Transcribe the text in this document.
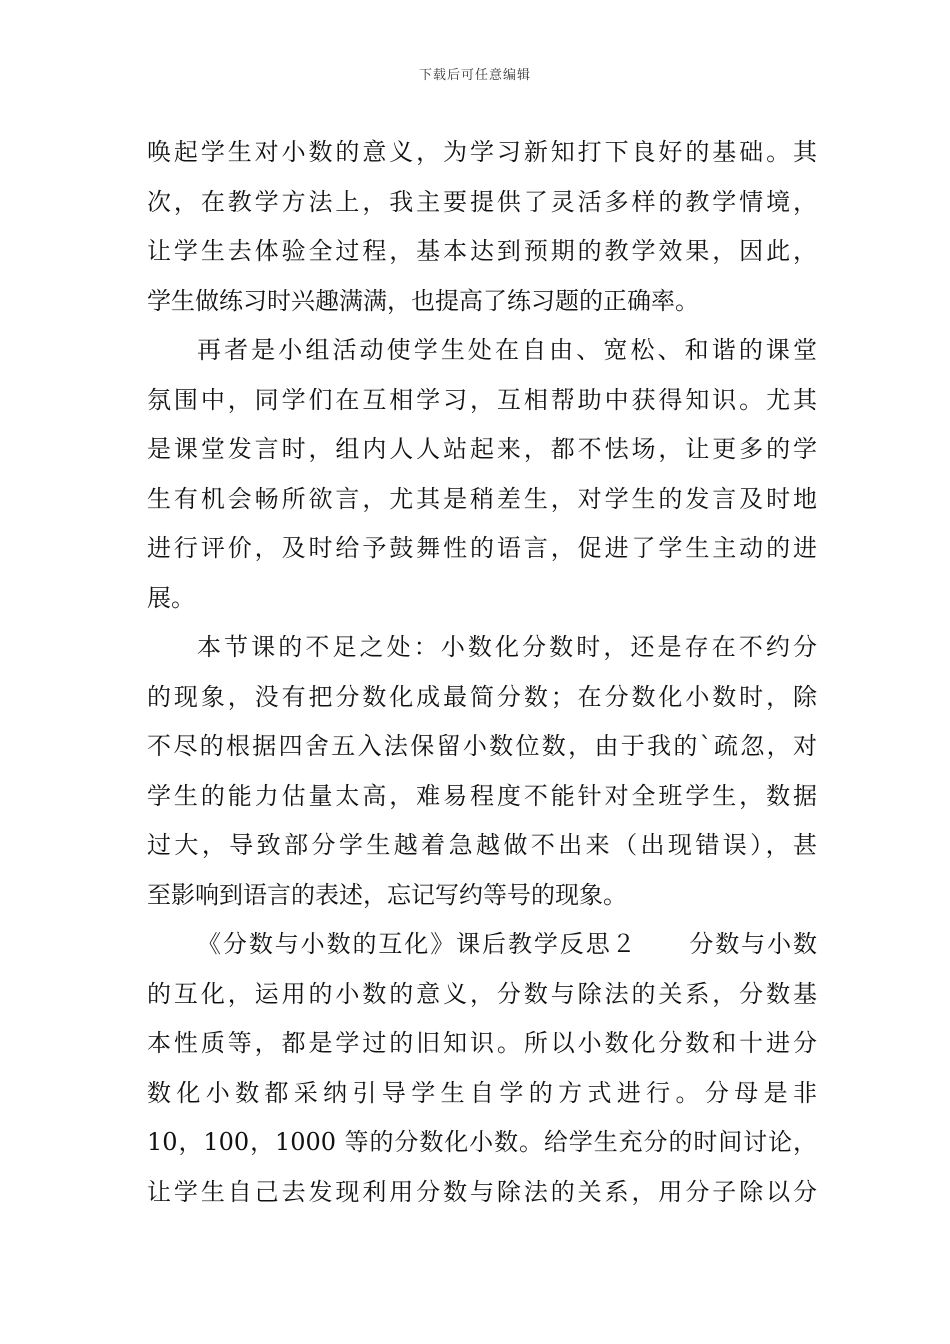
下载后可任意编辑
唤起学生对小数的意义，为学习新知打下良好的基础。其
次，在教学方法上，我主要提供了灵活多样的教学情境，
让学生去体验全过程，基本达到预期的教学效果，因此，
学生做练习时兴趣满满，也提高了练习题的正确率。
再者是小组活动使学生处在自由、宽松、和谐的课堂
氛围中，同学们在互相学习，互相帮助中获得知识。尤其
是课堂发言时，组内人人站起来，都不怯场，让更多的学
生有机会畅所欲言，尤其是稍差生，对学生的发言及时地
进行评价，及时给予鼓舞性的语言，促进了学生主动的进
展。
本节课的不足之处：小数化分数时，还是存在不约分
的现象，没有把分数化成最简分数；在分数化小数时，除
不尽的根据四舍五入法保留小数位数，由于我的`疏忽，对
学生的能力估量太高，难易程度不能针对全班学生，数据
过大，导致部分学生越着急越做不出来（出现错误），甚
至影响到语言的表述，忘记写约等号的现象。
《分数与小数的互化》课后教学反思２　　分数与小数
的互化，运用的小数的意义，分数与除法的关系，分数基
本性质等，都是学过的旧知识。所以小数化分数和十进分
数化小数都采纳引导学生自学的方式进行。分母是非
10，100，1000 等的分数化小数。给学生充分的时间讨论，
让学生自己去发现利用分数与除法的关系，用分子除以分
